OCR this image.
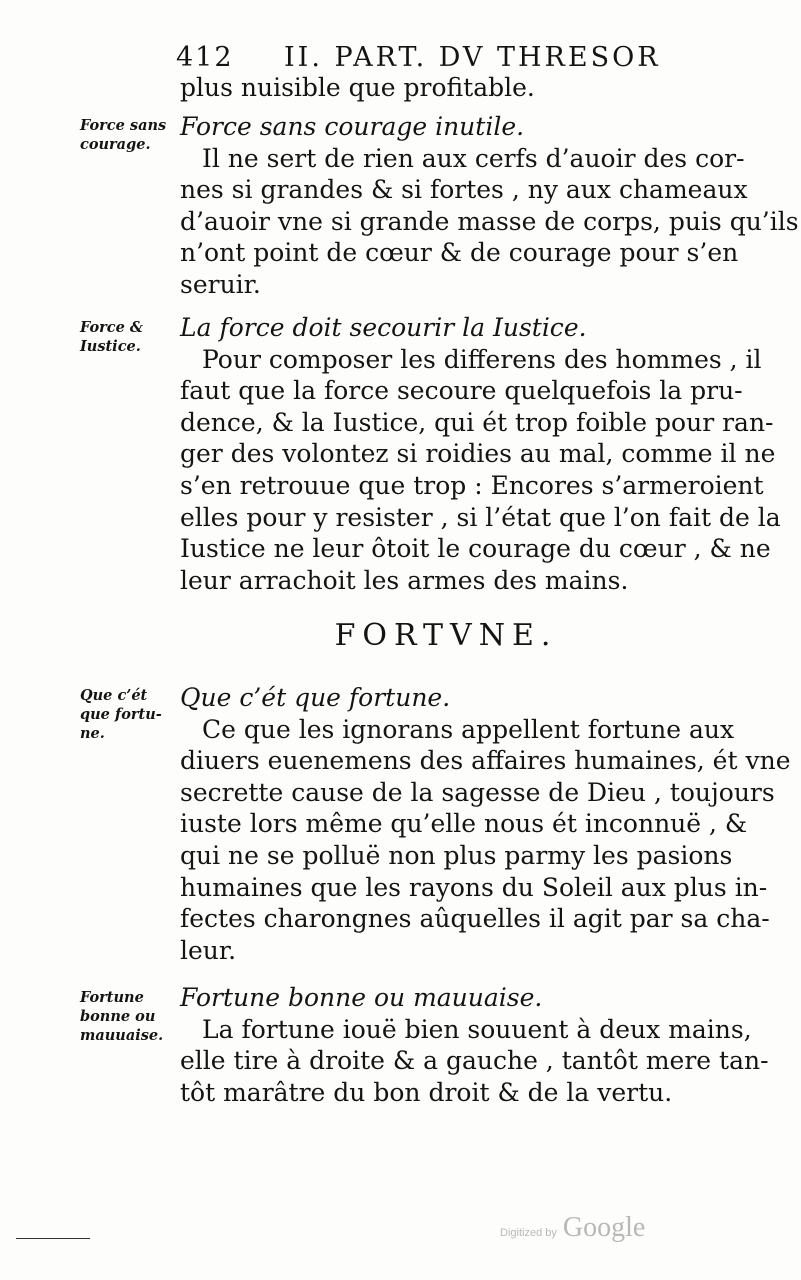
412 II. PART. DV THRESOR
plus nuisible que profitable.
Force sans
courage.
Force sans courage inutile.
Il ne sert de rien aux cerfs d’auoir des cor-
nes si grandes & si fortes , ny aux chameaux
d’auoir vne si grande masse de corps, puis qu’ils
n’ont point de cœur & de courage pour s’en
seruir.
Force &
Iustice.
La force doit secourir la Iustice.
Pour composer les differens des hommes , il
faut que la force secoure quelquefois la pru-
dence, & la Iustice, qui ét trop foible pour ran-
ger des volontez si roidies au mal, comme il ne
s’en retrouue que trop : Encores s’armeroient
elles pour y resister , si l’état que l’on fait de la
Iustice ne leur ôtoit le courage du cœur , & ne
leur arrachoit les armes des mains.
FORTVNE.
Que c’ét
que fortu-
ne.
Que c’ét que fortune.
Ce que les ignorans appellent fortune aux
diuers euenemens des affaires humaines, ét vne
secrette cause de la sagesse de Dieu , toujours
iuste lors même qu’elle nous ét inconnuë , &
qui ne se polluë non plus parmy les pasions
humaines que les rayons du Soleil aux plus in-
fectes charongnes aûquelles il agit par sa cha-
leur.
Fortune
bonne ou
mauuaise.
Fortune bonne ou mauuaise.
La fortune iouë bien souuent à deux mains,
elle tire à droite & a gauche , tantôt mere tan-
tôt marâtre du bon droit & de la vertu.
Digitized by Google
